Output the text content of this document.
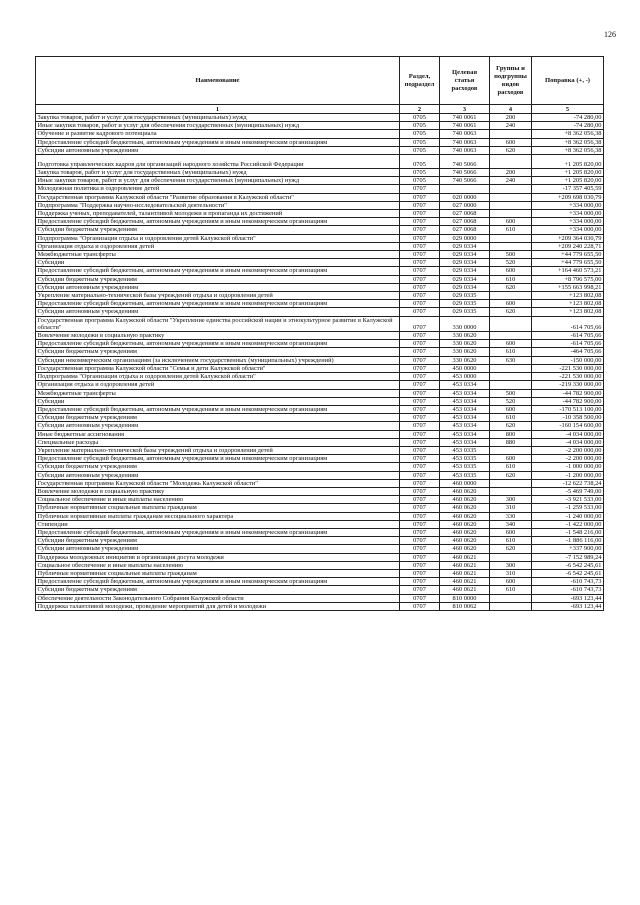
126
Наименование	Раздел, подраздел	Целевая статья расходов	Группы и подгруппы видов расходов	Поправка (+, -)
1	2	3	4	5
Закупка товаров, работ и услуг для государственных (муниципальных) нужд	0705	740 0061	200	-74 280,00
Иные закупки товаров, работ и услуг для обеспечения государственных (муниципальных) нужд	0705	740 0061	240	-74 280,00
Обучение и развитие кадрового потенциала	0705	740 0063		+8 362 056,38
Предоставление субсидий бюджетным, автономным учреждениям и иным некоммерческим организациям	0705	740 0063	600	+8 362 056,38
Субсидии автономным учреждениям	0705	740 0063	620	+8 362 056,38
Подготовка управленческих кадров для организаций народного хозяйства Российской Федерации	0705	740 5066		+1 205 820,00
Закупка товаров, работ и услуг для государственных (муниципальных) нужд	0705	740 5066	200	+1 205 820,00
Иные закупки товаров, работ и услуг для обеспечения государственных (муниципальных) нужд	0705	740 5066	240	+1 205 820,00
Молодежная политика и оздоровление детей	0707			-17 357 405,59
Государственная программа Калужской области "Развитие образования в Калужской области"	0707	020 0000		+209 698 030,79
Подпрограмма "Поддержка научно-исследовательской деятельности"	0707	027 0000		+334 000,00
Поддержка ученых, преподавателей, талантливой молодежи и пропаганда их достижений	0707	027 0068		+334 000,00
Предоставление субсидий бюджетным, автономным учреждениям и иным некоммерческим организациям	0707	027 0068	600	+334 000,00
Субсидии бюджетным учреждениям	0707	027 0068	610	+334 000,00
Подпрограмма "Организация отдыха и оздоровления детей Калужской области"	0707	029 0000		+209 364 030,79
Организация отдыха и оздоровления детей	0707	029 0334		+209 240 228,71
Межбюджетные трансферты	0707	029 0334	500	+44 779 655,50
Субсидии	0707	029 0334	520	+44 779 655,50
Предоставление субсидий бюджетным, автономным учреждениям и иным некоммерческим организациям	0707	029 0334	600	+164 460 573,21
Субсидии бюджетным учреждениям	0707	029 0334	610	+8 796 575,00
Субсидии автономным учреждениям	0707	029 0334	620	+155 663 998,21
Укрепление материально-технической базы учреждений отдыха и оздоровления детей	0707	029 0335		+123 802,08
Предоставление субсидий бюджетным, автономным учреждениям и иным некоммерческим организациям	0707	029 0335	600	+123 802,08
Субсидии автономным учреждениям	0707	029 0335	620	+123 802,08
Государственная программа Калужской области "Укрепление единства российской нации и этнокультурное развитие в Калужской области"	0707	330 0000		-614 705,66
Вовлечение молодежи в социальную практику	0707	330 0620		-614 705,66
Предоставление субсидий бюджетным, автономным учреждениям и иным некоммерческим организациям	0707	330 0620	600	-614 705,66
Субсидии бюджетным учреждениям	0707	330 0620	610	-464 705,66
Субсидии некоммерческим организациям (за исключением государственных (муниципальных) учреждений)	0707	330 0620	630	-150 000,00
Государственная программа Калужской области "Семья и дети Калужской области"	0707	450 0000		-221 530 000,00
Подпрограмма "Организация отдыха и оздоровления детей Калужской области"	0707	453 0000		-221 530 000,00
Организация отдыха и оздоровления детей	0707	453 0334		-219 330 000,00
Межбюджетные трансферты	0707	453 0334	500	-44 782 900,00
Субсидии	0707	453 0334	520	-44 782 900,00
Предоставление субсидий бюджетным, автономным учреждениям и иным некоммерческим организациям	0707	453 0334	600	-170 513 100,00
Субсидии бюджетным учреждениям	0707	453 0334	610	-10 358 500,00
Субсидии автономным учреждениям	0707	453 0334	620	-160 154 600,00
Иные бюджетные ассигнования	0707	453 0334	800	-4 034 000,00
Специальные расходы	0707	453 0334	880	-4 034 000,00
Укрепление материально-технической базы учреждений отдыха и оздоровления детей	0707	453 0335		-2 200 000,00
Предоставление субсидий бюджетным, автономным учреждениям и иным некоммерческим организациям	0707	453 0335	600	-2 200 000,00
Субсидии бюджетным учреждениям	0707	453 0335	610	-1 000 000,00
Субсидии автономным учреждениям	0707	453 0335	620	-1 200 000,00
Государственная программа Калужской области "Молодежь Калужской области"	0707	460 0000		-12 622 738,24
Вовлечение молодежи в социальную практику	0707	460 0620		-5 469 749,00
Социальное обеспечение и иные выплаты населению	0707	460 0620	300	-3 921 533,00
Публичные нормативные социальные выплаты гражданам	0707	460 0620	310	-1 259 533,00
Публичные нормативные выплаты гражданам несоциального характера	0707	460 0620	330	-1 240 000,00
Стипендии	0707	460 0620	340	-1 422 000,00
Предоставление субсидий бюджетным, автономным учреждениям и иным некоммерческим организациям	0707	460 0620	600	-1 548 216,00
Субсидии бюджетным учреждениям	0707	460 0620	610	-1 886 116,00
Субсидии автономным учреждениям	0707	460 0620	620	+337 900,00
Поддержка молодежных инициатив и организация досуга молодежи	0707	460 0621		-7 152 989,24
Социальное обеспечение и иные выплаты населению	0707	460 0621	300	-6 542 245,61
Публичные нормативные социальные выплаты гражданам	0707	460 0621	310	-6 542 245,61
Предоставление субсидий бюджетным, автономным учреждениям и иным некоммерческим организациям	0707	460 0621	600	-610 743,73
Субсидии бюджетным учреждениям	0707	460 0621	610	-610 743,73
Обеспечение деятельности Законодательного Собрания Калужской области	0707	810 0000		-693 123,44
Поддержка талантливой молодежи, проведение мероприятий для детей и молодежи	0707	810 0062		-693 123,44
